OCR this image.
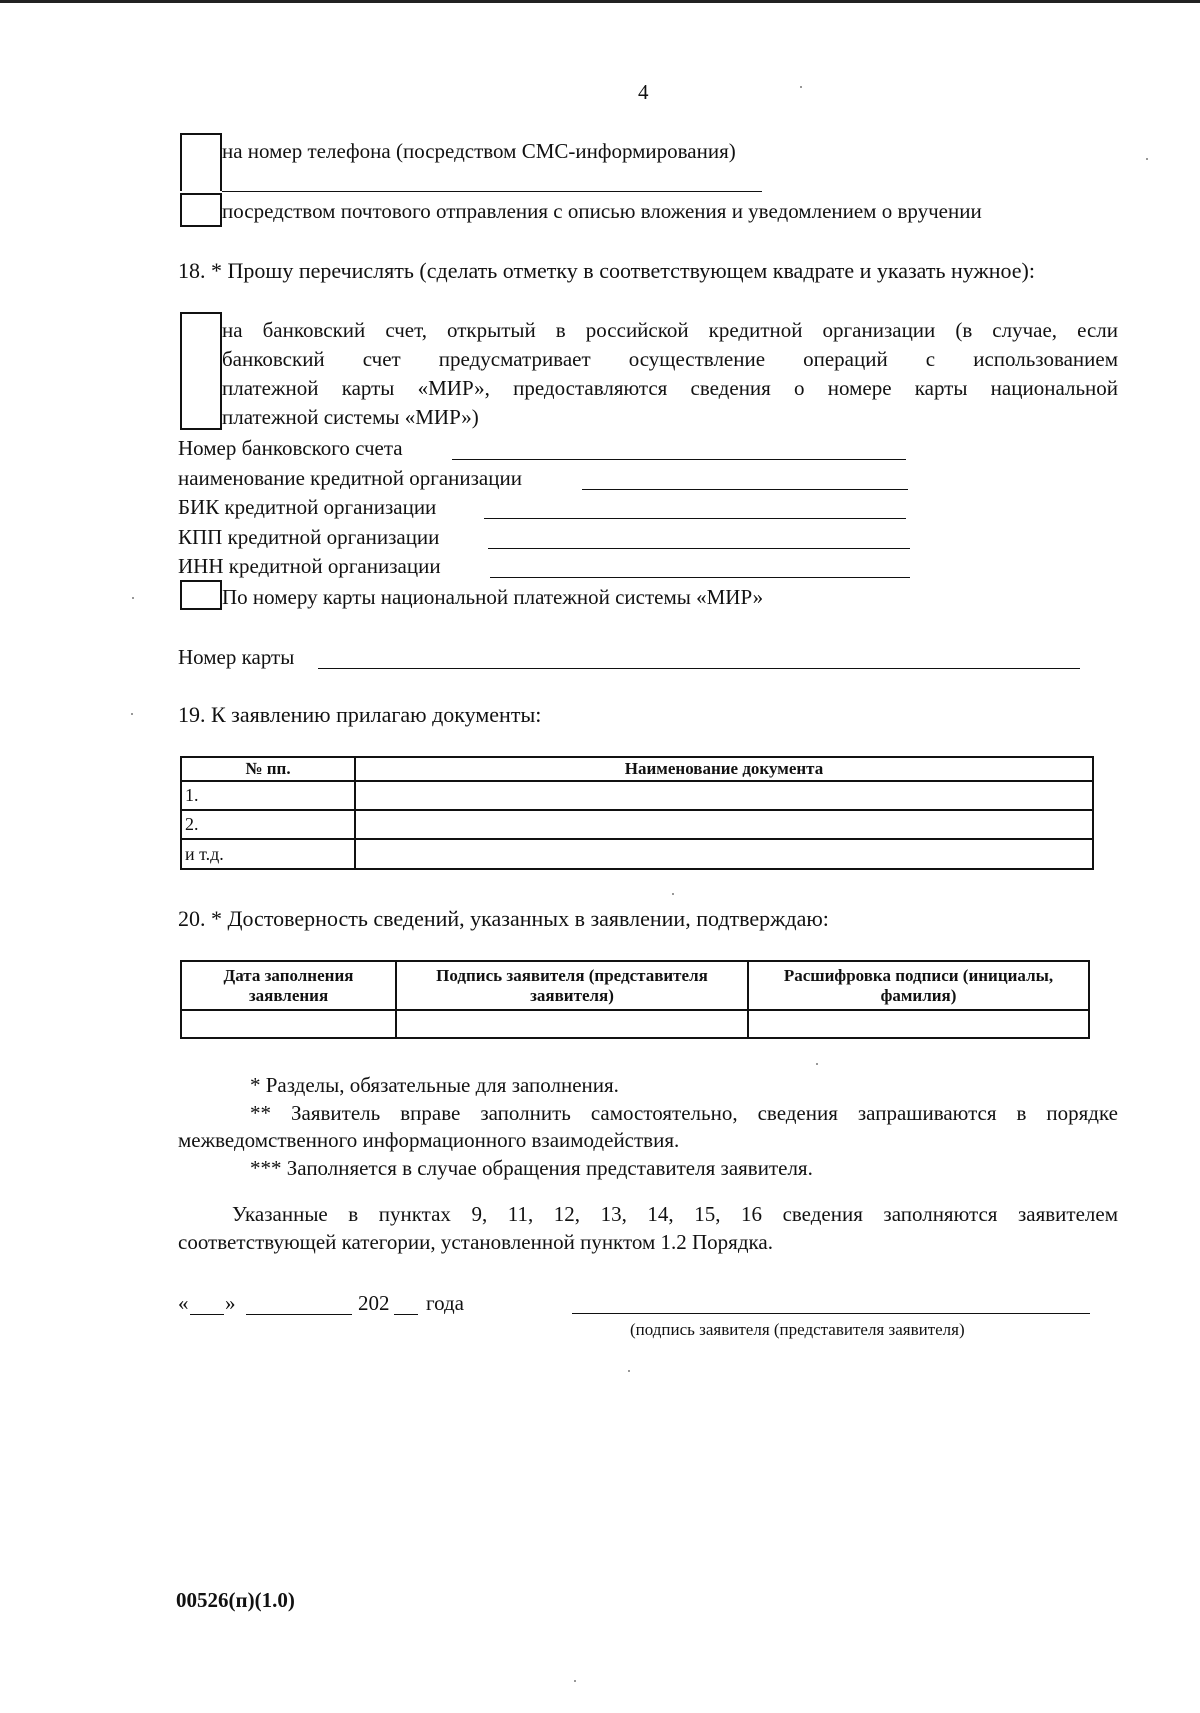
4
на номер телефона (посредством СМС-информирования)
посредством почтового отправления с описью вложения и уведомлением о вручении
18. * Прошу перечислять (сделать отметку в соответствующем квадрате и указать нужное):
на банковский счет, открытый в российской кредитной организации (в случае, если
банковский счет предусматривает осуществление операций с использованием
платежной карты «МИР», предоставляются сведения о номере карты национальной
платежной системы «МИР»)
Номер банковского счета
наименование кредитной организации
БИК кредитной организации
КПП кредитной организации
ИНН кредитной организации
По номеру карты национальной платежной системы «МИР»
Номер карты
19. К заявлению прилагаю документы:
№ пп.	Наименование документа
1.	
2.	
и т.д.	
20. * Достоверность сведений, указанных в заявлении, подтверждаю:
Дата заполнения заявления	Подпись заявителя (представителя заявителя)	Расшифровка подписи (инициалы, фамилия)

* Разделы, обязательные для заполнения.
** Заявитель вправе заполнить самостоятельно, сведения запрашиваются в порядке
межведомственного информационного взаимодействия.
*** Заполняется в случае обращения представителя заявителя.
Указанные в пунктах 9, 11, 12, 13, 14, 15, 16 сведения заполняются заявителем
соответствующей категории, установленной пунктом 1.2 Порядка.
« »	202 года
(подпись заявителя (представителя заявителя)
00526(п)(1.0)
